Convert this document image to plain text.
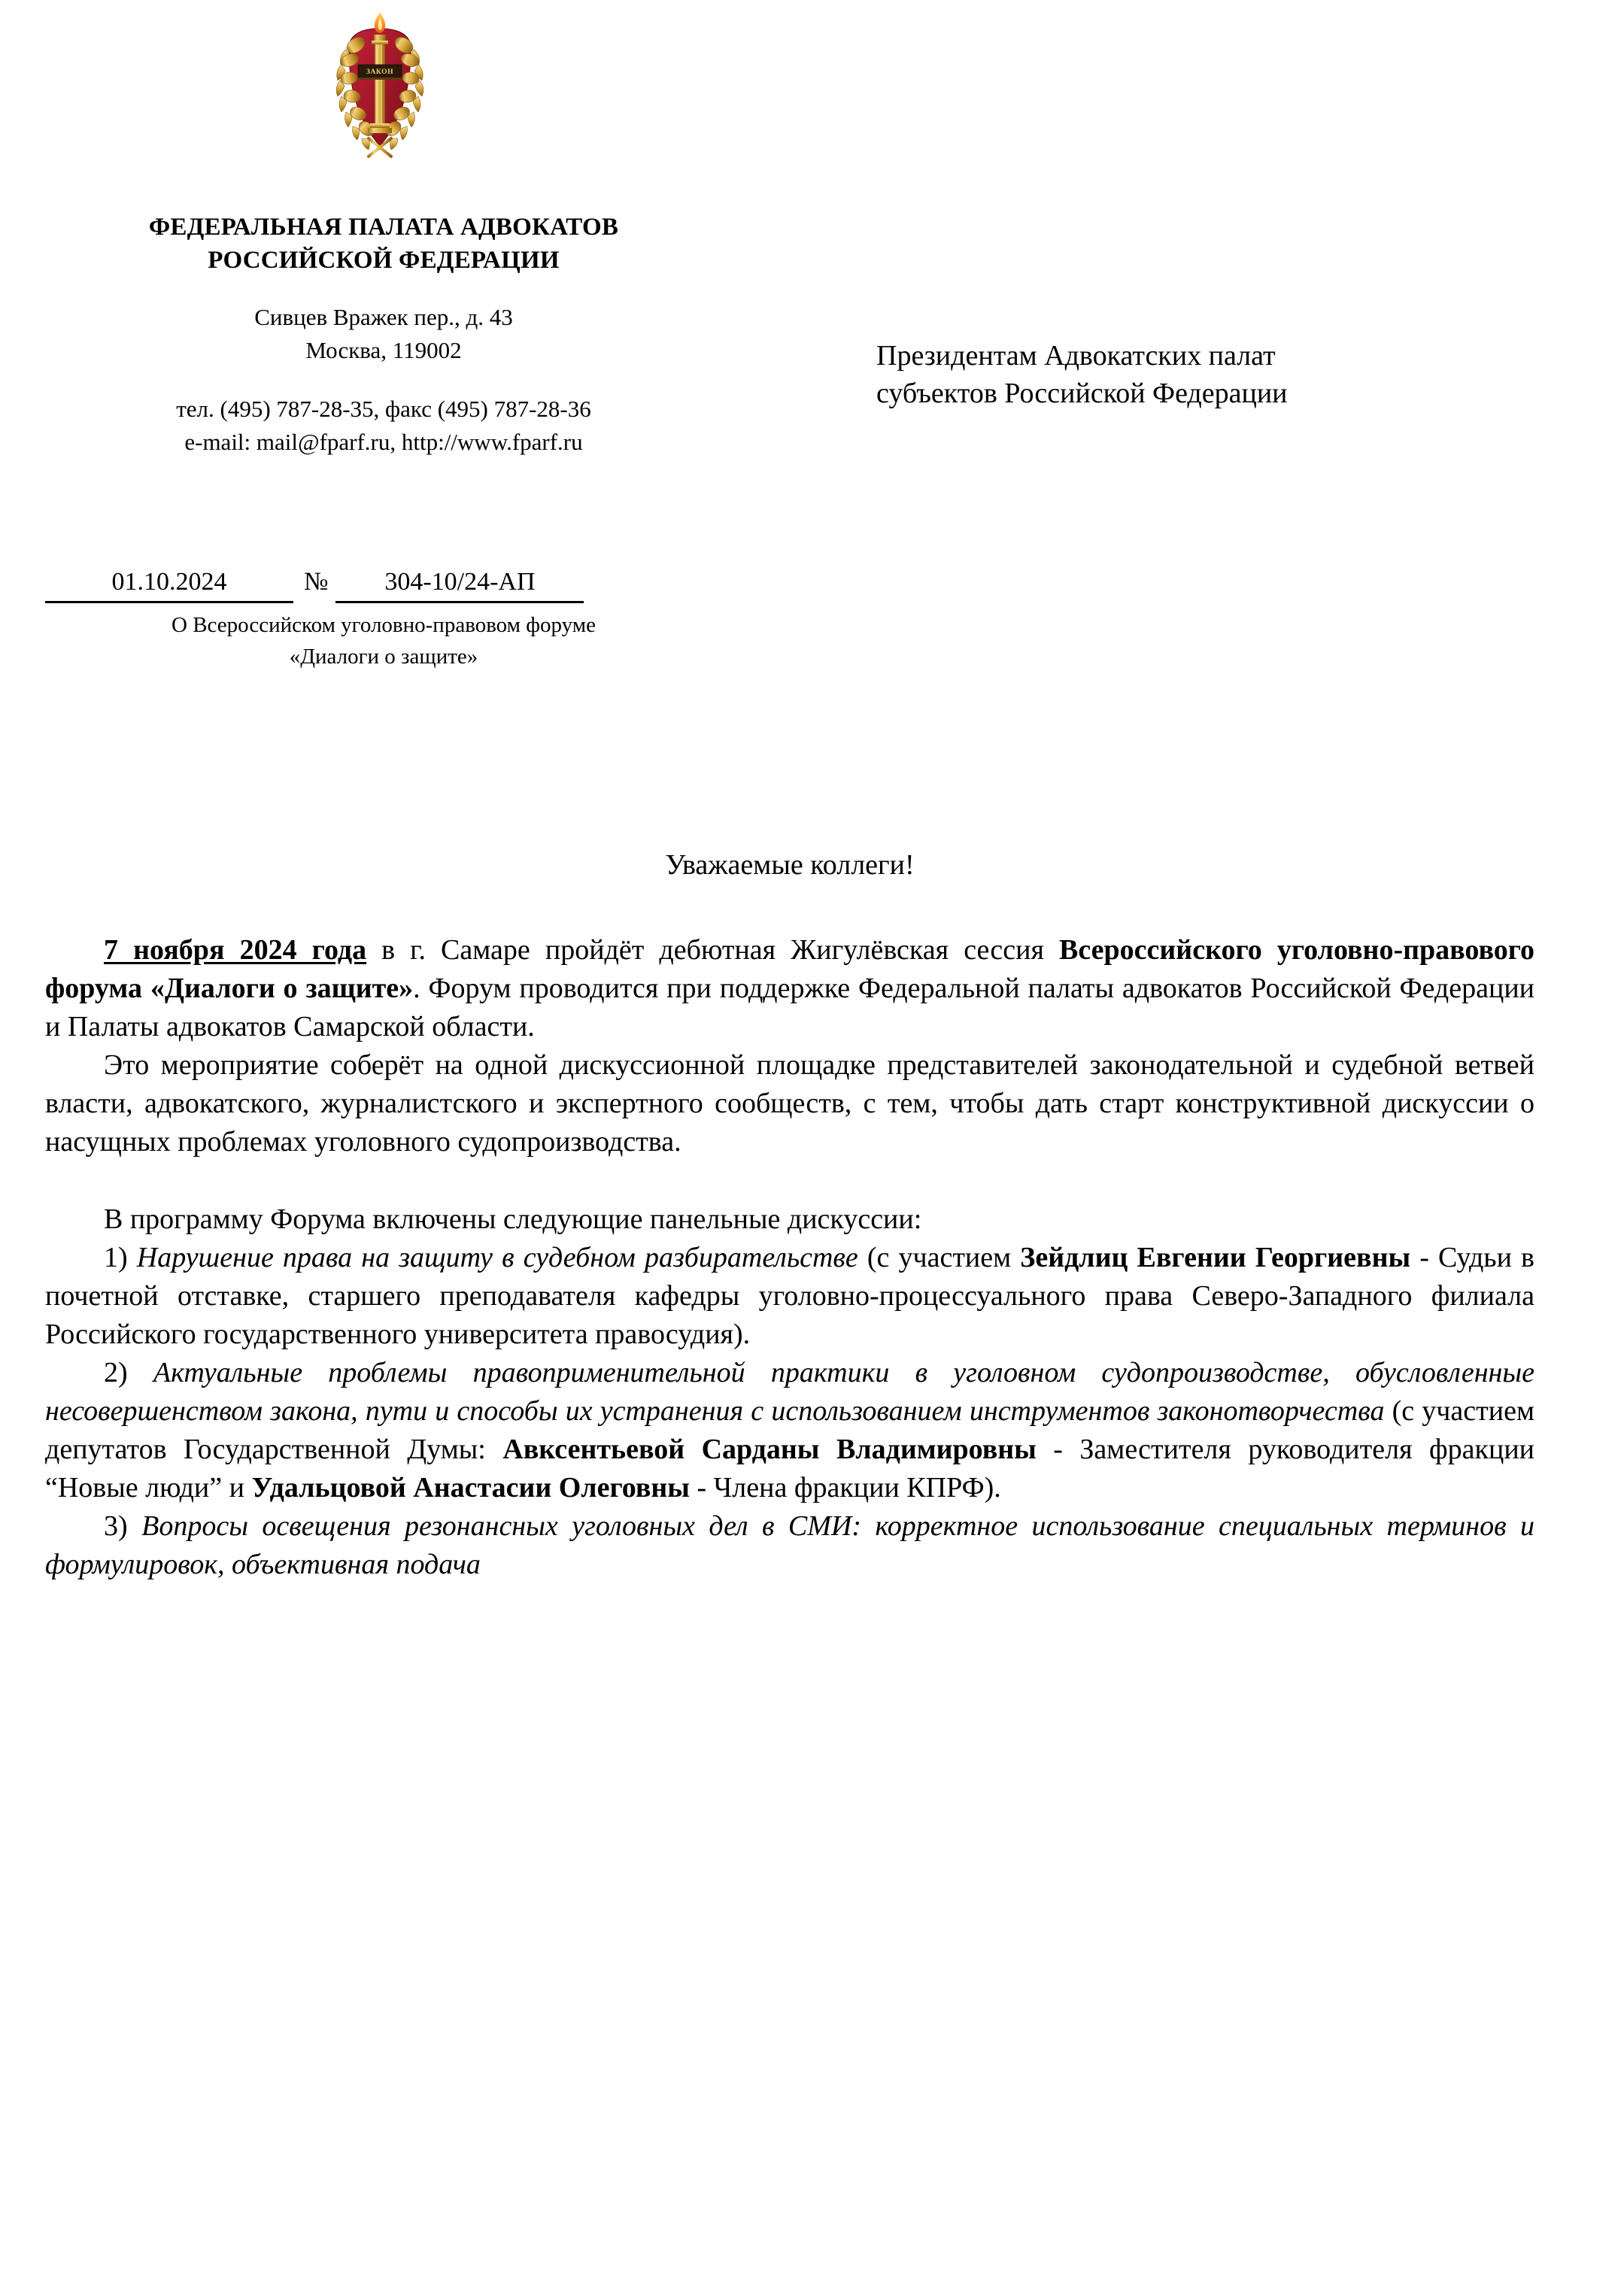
ЗАКОН
ФЕДЕРАЛЬНАЯ ПАЛАТА АДВОКАТОВ
РОССИЙСКОЙ ФЕДЕРАЦИИ
Сивцев Вражек пер., д. 43
Москва, 119002
тел. (495) 787-28-35, факс (495) 787-28-36
e-mail: mail@fparf.ru, http://www.fparf.ru
01.10.2024	№	304-10/24-АП
О Всероссийском уголовно-правовом форуме
«Диалоги о защите»
Президентам Адвокатских палат
субъектов Российской Федерации
Уважаемые коллеги!

7 ноября 2024 года в г. Самаре пройдёт дебютная Жигулёвская сессия Всероссийского уголовно-правового форума «Диалоги о защите». Форум проводится при поддержке Федеральной палаты адвокатов Российской Федерации и Палаты адвокатов Самарской области.

Это мероприятие соберёт на одной дискуссионной площадке представителей законодательной и судебной ветвей власти, адвокатского, журналистского и экспертного сообществ, с тем, чтобы дать старт конструктивной дискуссии о насущных проблемах уголовного судопроизводства.

В программу Форума включены следующие панельные дискуссии:

1) Нарушение права на защиту в судебном разбирательстве (с участием Зейдлиц Евгении Георгиевны - Судьи в почетной отставке, старшего преподавателя кафедры уголовно-процессуального права Северо-Западного филиала Российского государственного университета правосудия).

2) Актуальные проблемы правоприменительной практики в уголовном судопроизводстве, обусловленные несовершенством закона, пути и способы их устранения с использованием инструментов законотворчества (с участием депутатов Государственной Думы: Авксентьевой Сарданы Владимировны - Заместителя руководителя фракции “Новые люди” и Удальцовой Анастасии Олеговны - Члена фракции КПРФ).

3) Вопросы освещения резонансных уголовных дел в СМИ: корректное использование специальных терминов и формулировок, объективная подача
